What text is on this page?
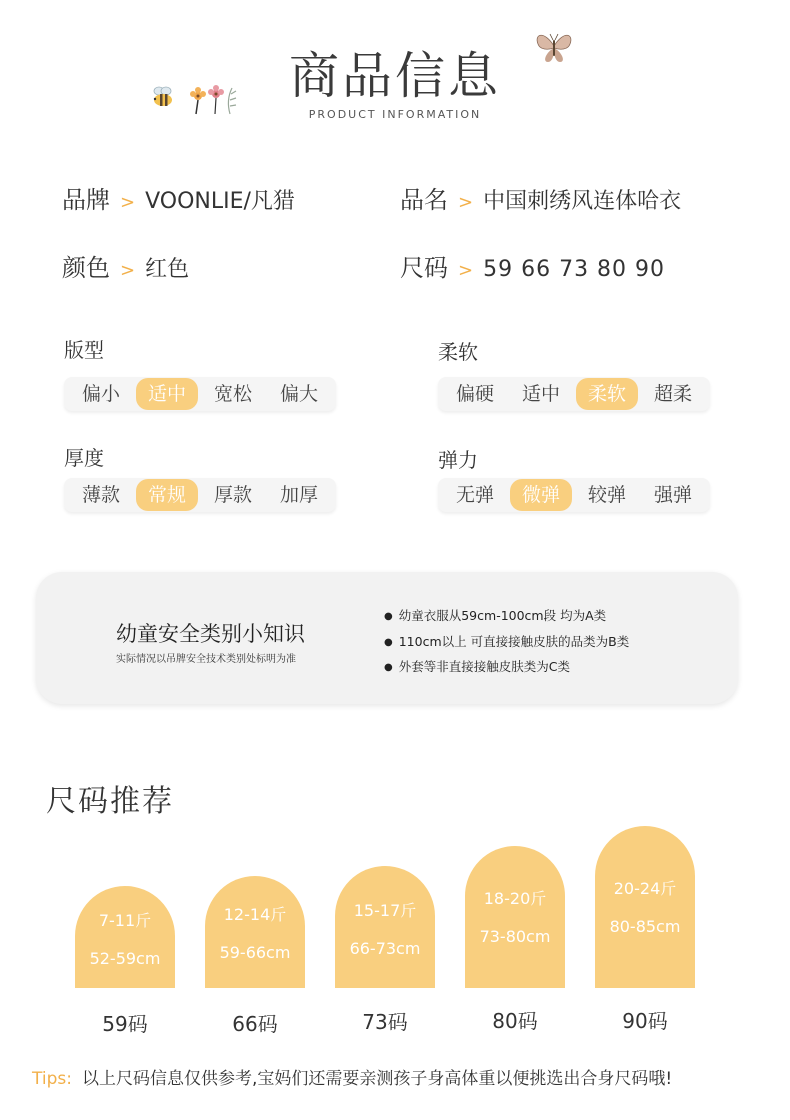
商品信息
PRODUCT INFORMATION
品牌 > VOONLIE/凡猎	品名 > 中国刺绣风连体哈衣
颜色 > 红色	尺码 > 59 66 73 80 90
版型
偏小	适中	宽松	偏大
柔软
偏硬	适中	柔软	超柔
厚度
薄款	常规	厚款	加厚
弹力
无弹	微弹	较弹	强弹
幼童安全类别小知识
实际情况以吊牌安全技术类别处标明为准
● 幼童衣服从59cm-100cm段 均为A类
● 110cm以上 可直接接触皮肤的品类为B类
● 外套等非直接接触皮肤类为C类
尺码推荐
7-11斤
52-59cm
59码
12-14斤
59-66cm
66码
15-17斤
66-73cm
73码
18-20斤
73-80cm
80码
20-24斤
80-85cm
90码
Tips: 以上尺码信息仅供参考,宝妈们还需要亲测孩子身高体重以便挑选出合身尺码哦!
